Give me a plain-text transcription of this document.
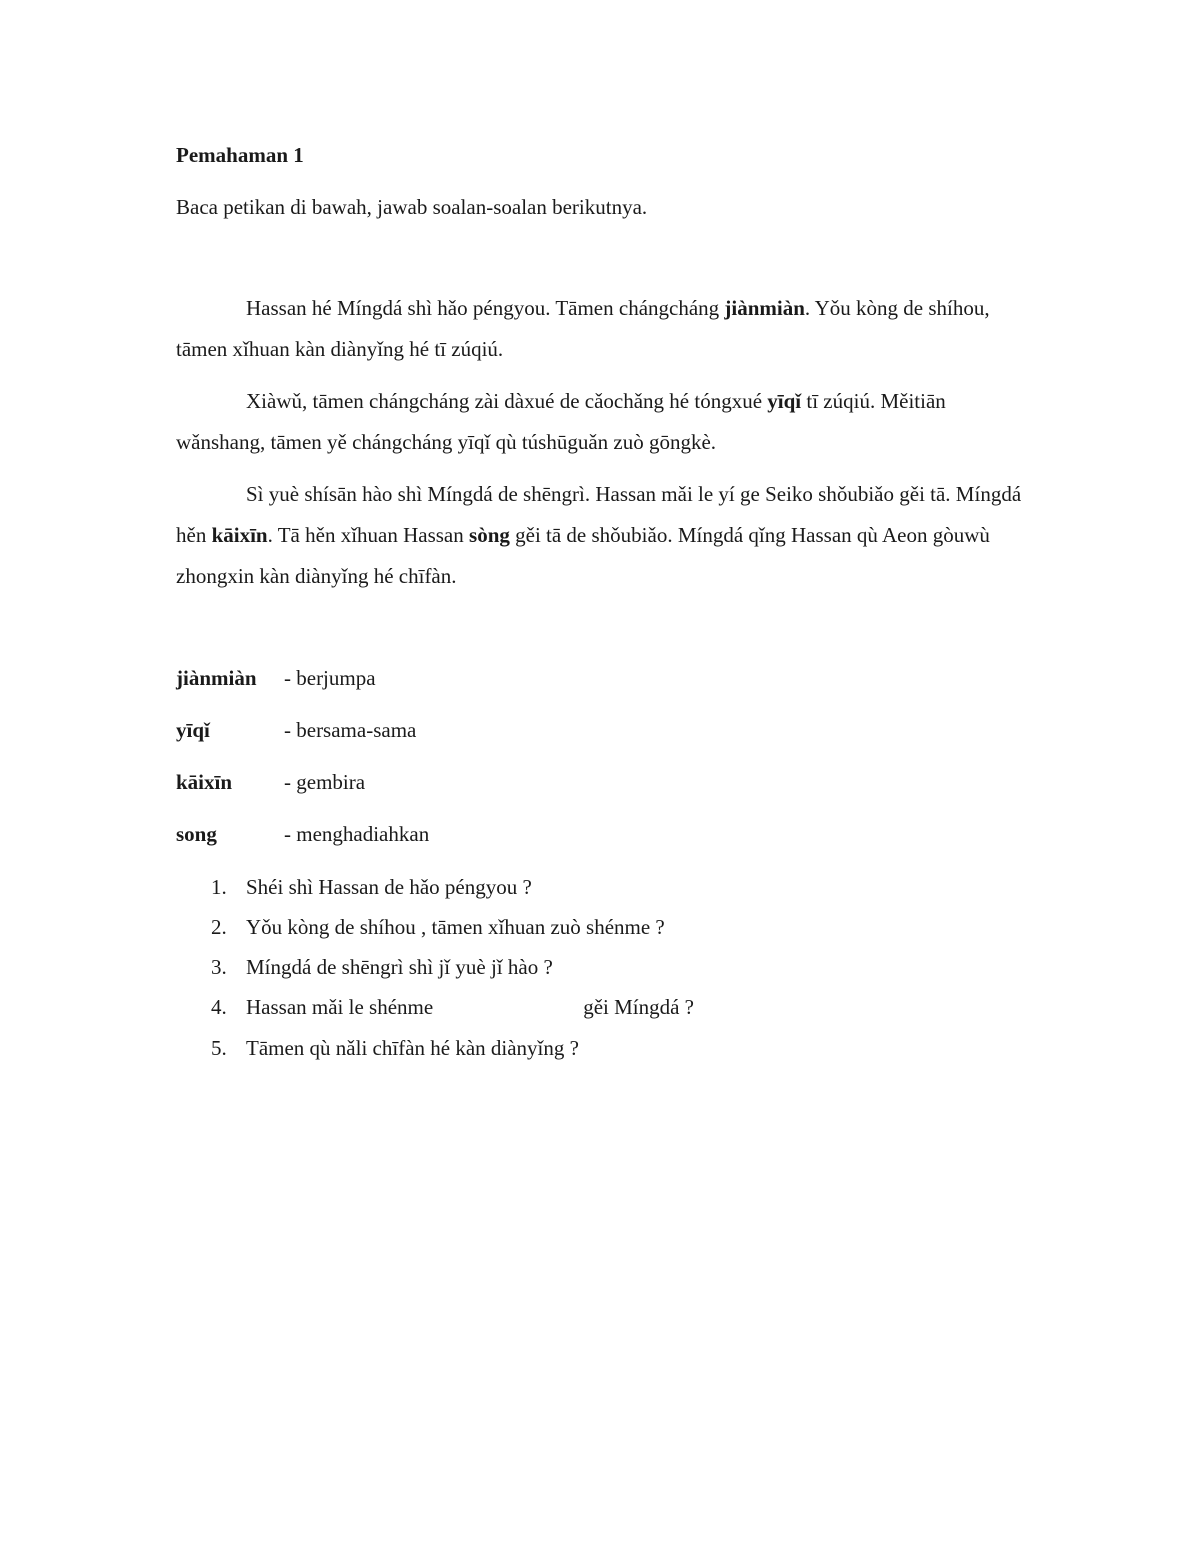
Pemahaman 1
Baca petikan di bawah, jawab soalan-soalan berikutnya.

Hassan hé Míngdá shì hǎo péngyou. Tāmen chángcháng jiànmiàn. Yǒu kòng de shíhou, tāmen xǐhuan kàn diànyǐng hé tī zúqiú.

Xiàwǔ, tāmen chángcháng zài dàxué de cǎochǎng hé tóngxué yīqǐ tī zúqiú. Měitiān wǎnshang, tāmen yě chángcháng yīqǐ qù túshūguǎn zuò gōngkè.

Sì yuè shísān hào shì Míngdá de shēngrì. Hassan mǎi le yí ge Seiko shǒubiǎo gěi tā. Míngdá hěn kāixīn. Tā hěn xǐhuan Hassan sòng gěi tā de shǒubiǎo. Míngdá qǐng Hassan qù Aeon gòuwù zhongxin kàn diànyǐng hé chīfàn.

jiànmiàn - berjumpa
yīqǐ	- bersama-sama
kāixīn - gembira
song	- menghadiahkan
1. Shéi shì Hassan de hǎo péngyou ?
2. Yǒu kòng de shíhou , tāmen xǐhuan zuò shénme ?
3. Míngdá de shēngrì shì jǐ yuè jǐ hào ?
4. Hassan mǎi le shénme	gěi Míngdá ?
5. Tāmen qù nǎli chīfàn hé kàn diànyǐng ?
